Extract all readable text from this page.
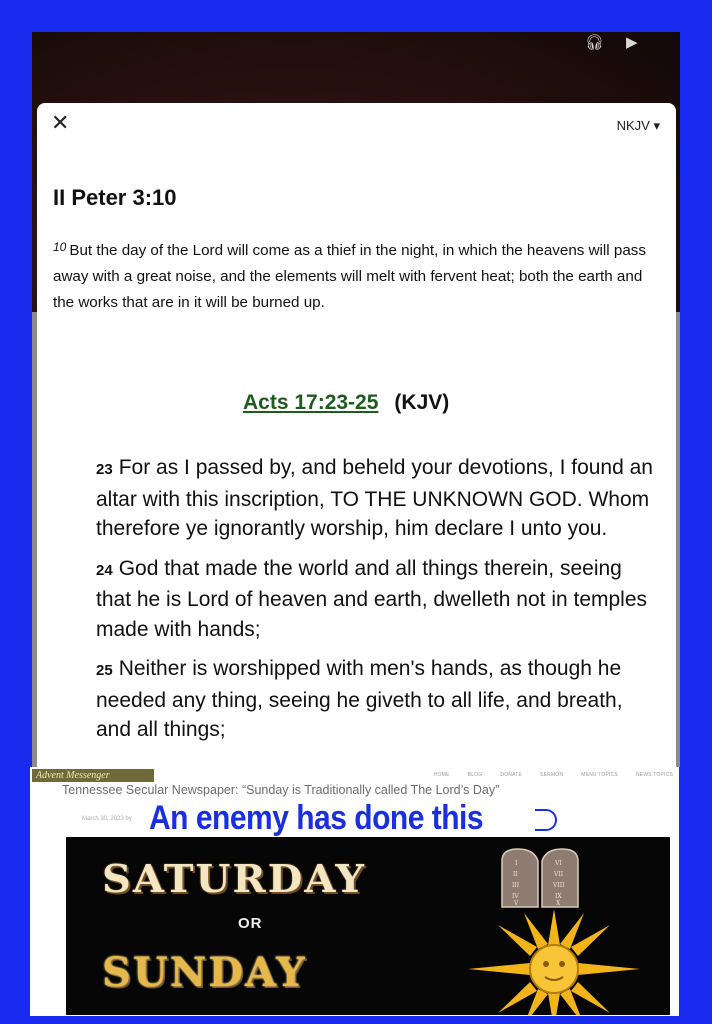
🎧︎ ▶︎
✕	NKJV ▾
II Peter 3:10
$^{10}$ But the day of the Lord will come as a thief in the night, in which the heavens will pass away with a great noise, and the elements will melt with fervent heat; both the earth and the works that are in it will be burned up.
Acts 17:23-25 (KJV)

23 For as I passed by, and beheld your devotions, I found an altar with this inscription, TO THE UNKNOWN GOD. Whom therefore ye ignorantly worship, him declare I unto you.

24 God that made the world and all things therein, seeing that he is Lord of heaven and earth, dwelleth not in temples made with hands;

25 Neither is worshipped with men's hands, as though he needed any thing, seeing he giveth to all life, and breath, and all things;

Advent Messenger	HOME	BLOG	DONATE	SERMON	MENU TOPICS	NEWS TOPICS
Tennessee Secular Newspaper: “Sunday is Traditionally called The Lord’s Day”
March 30, 2023 by An enemy has done this
SATURDAY	I
II
III
IV
V
VI
VII
VIII
IX
X
OR
SUNDAY
